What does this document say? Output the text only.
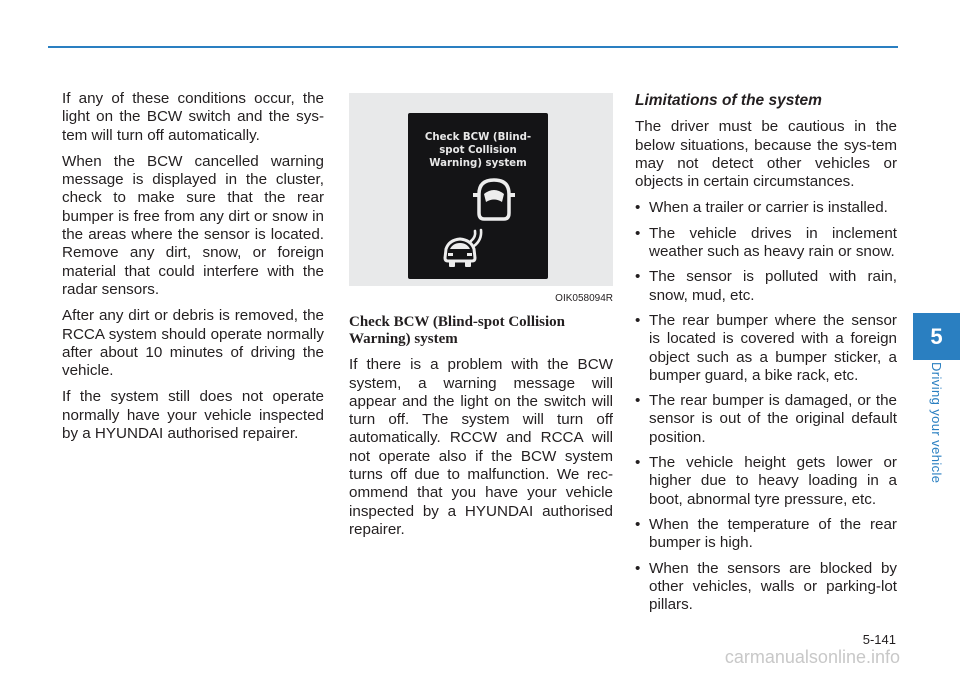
If any of these conditions occur, the light on the BCW switch and the sys-tem will turn off automatically.

When the BCW cancelled warning message is displayed in the cluster, check to make sure that the rear bumper is free from any dirt or snow in the areas where the sensor is located. Remove any dirt, snow, or foreign material that could interfere with the radar sensors.

After any dirt or debris is removed, the RCCA system should operate normally after about 10 minutes of driving the vehicle.

If the system still does not operate normally have your vehicle inspected by a HYUNDAI authorised repairer.

Check BCW (Blind-
spot Collision
Warning) system
OIK058094R
Check BCW (Blind-spot Collision Warning) system

If there is a problem with the BCW system, a warning message will appear and the light on the switch will turn off. The system will turn off automatically. RCCW and RCCA will not operate also if the BCW system turns off due to malfunction. We rec-ommend that you have your vehicle inspected by a HYUNDAI authorised repairer.

Limitations of the system

The driver must be cautious in the below situations, because the sys-tem may not detect other vehicles or objects in certain circumstances.

• When a trailer or carrier is installed.
• The vehicle drives in inclement weather such as heavy rain or snow.
• The sensor is polluted with rain, snow, mud, etc.
• The rear bumper where the sensor is located is covered with a foreign object such as a bumper sticker, a bumper guard, a bike rack, etc.
• The rear bumper is damaged, or the sensor is out of the original default position.
• The vehicle height gets lower or higher due to heavy loading in a boot, abnormal tyre pressure, etc.
• When the temperature of the rear bumper is high.
• When the sensors are blocked by other vehicles, walls or parking-lot pillars.
5
Driving your vehicle
5-141
carmanualsonline.info
